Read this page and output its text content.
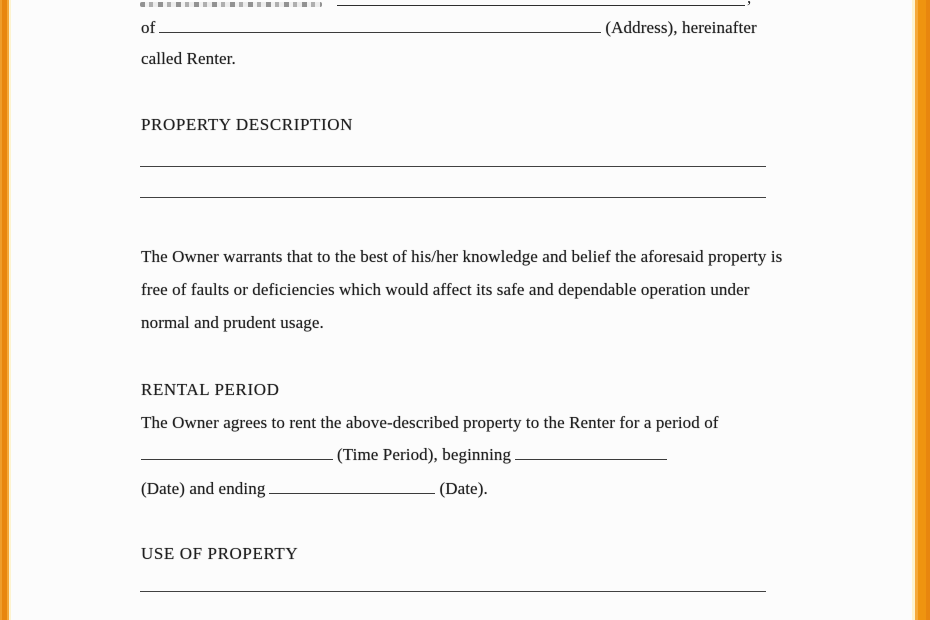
of	(Address), hereinafter
called Renter.
PROPERTY DESCRIPTION
The Owner warrants that to the best of his/her knowledge and belief the aforesaid property is
free of faults or deficiencies which would affect its safe and dependable operation under
normal and prudent usage.
RENTAL PERIOD
The Owner agrees to rent the above-described property to the Renter for a period of
(Time Period), beginning
(Date) and ending	(Date).
USE OF PROPERTY
